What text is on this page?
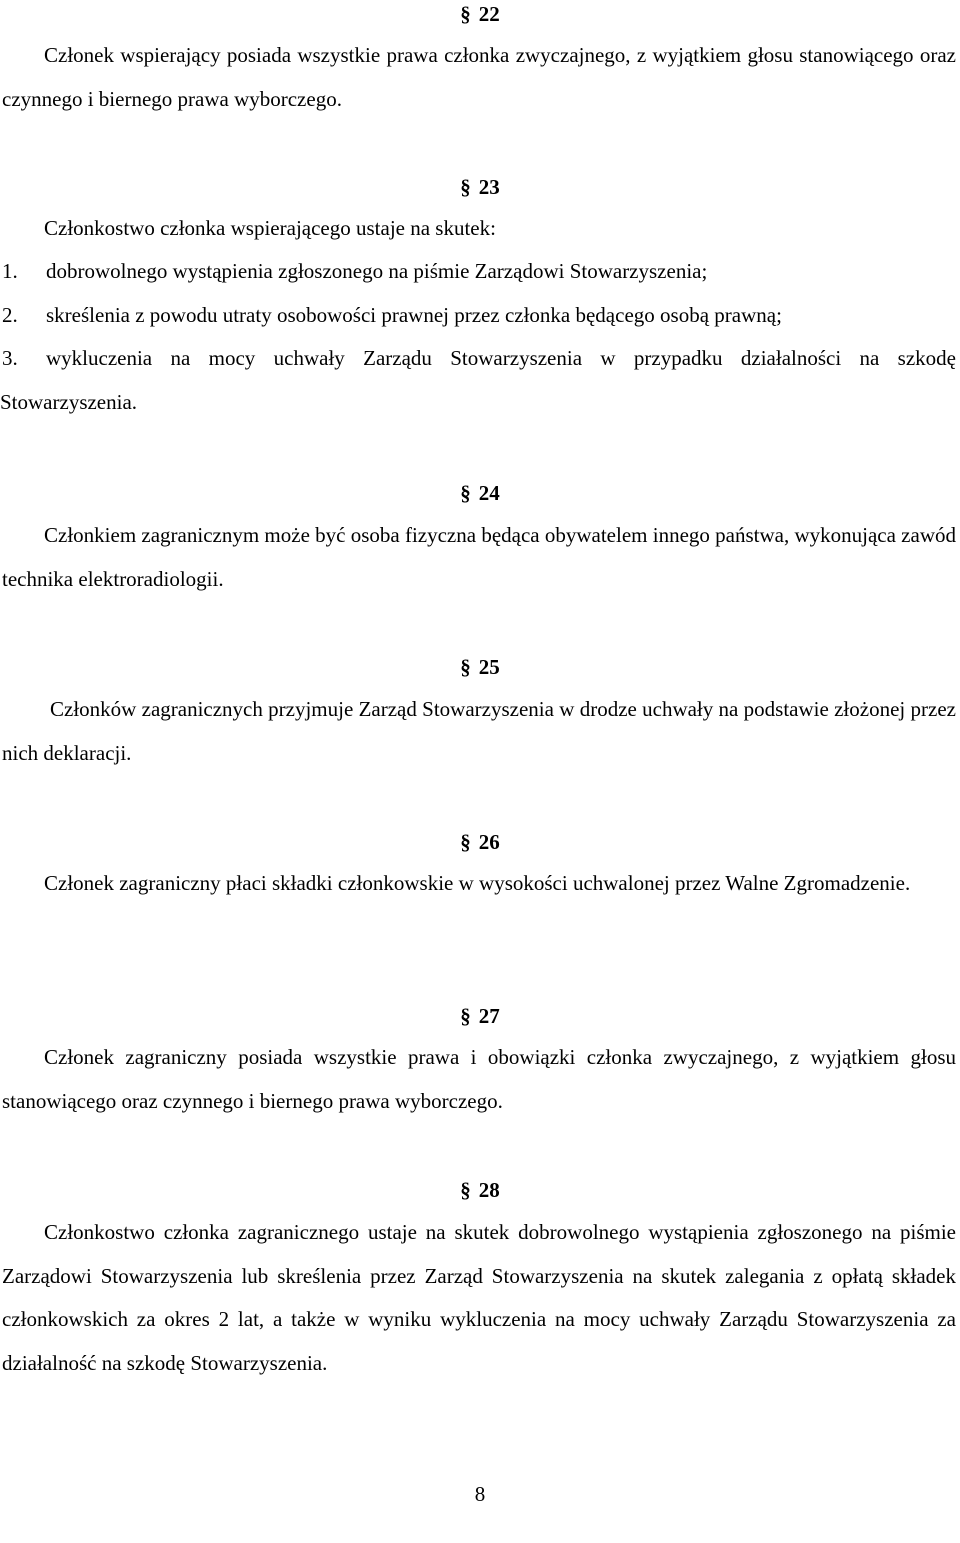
§ 22
Członek wspierający posiada wszystkie prawa członka zwyczajnego, z wyjątkiem głosu stanowiącego oraz czynnego i biernego prawa wyborczego.
§ 23
Członkostwo członka wspierającego ustaje na skutek:
1. dobrowolnego wystąpienia zgłoszonego na piśmie Zarządowi Stowarzyszenia;
2. skreślenia z powodu utraty osobowości prawnej przez członka będącego osobą prawną;
3. wykluczenia na mocy uchwały Zarządu Stowarzyszenia w przypadku działalności na szkodę Stowarzyszenia.
§ 24
Członkiem zagranicznym może być osoba fizyczna będąca obywatelem innego państwa, wykonująca zawód technika elektroradiologii.
§ 25
Członków zagranicznych przyjmuje Zarząd Stowarzyszenia w drodze uchwały na podstawie złożonej przez nich deklaracji.
§ 26
Członek zagraniczny płaci składki członkowskie w wysokości uchwalonej przez Walne Zgromadzenie.
§ 27
Członek zagraniczny posiada wszystkie prawa i obowiązki członka zwyczajnego, z wyjątkiem głosu stanowiącego oraz czynnego i biernego prawa wyborczego.
§ 28
Członkostwo członka zagranicznego ustaje na skutek dobrowolnego wystąpienia zgłoszonego na piśmie Zarządowi Stowarzyszenia lub skreślenia przez Zarząd Stowarzyszenia na skutek zalegania z opłatą składek członkowskich za okres 2 lat, a także w wyniku wykluczenia na mocy uchwały Zarządu Stowarzyszenia za działalność na szkodę Stowarzyszenia.
8
